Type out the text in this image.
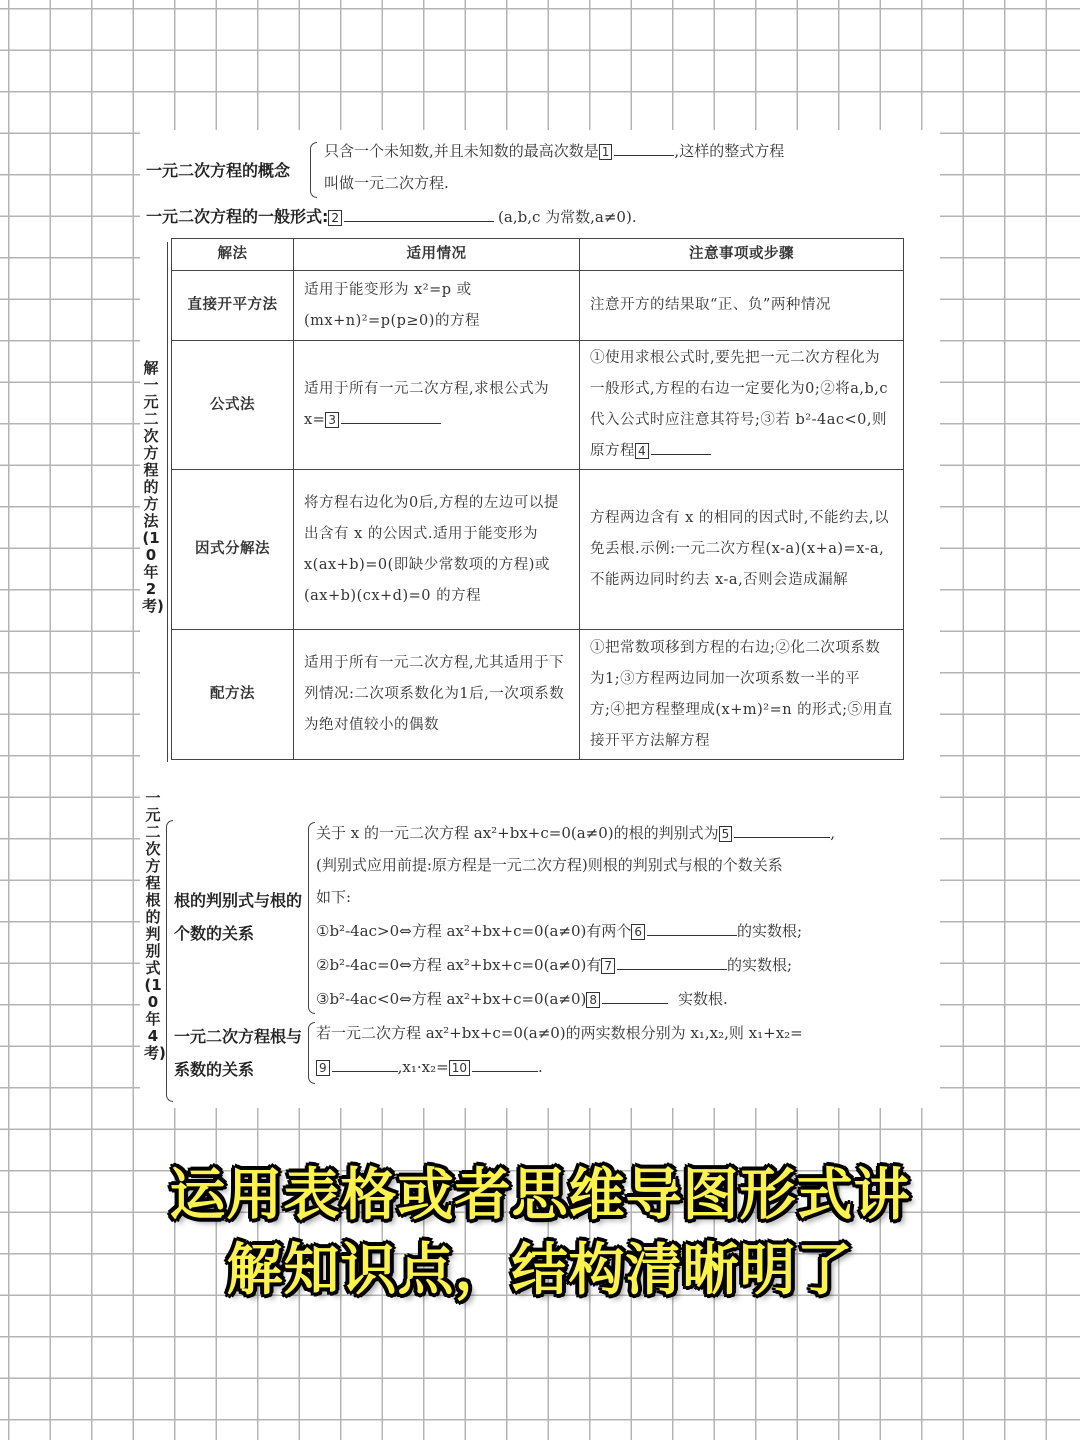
一元二次方程的概念
只含一个未知数,并且未知数的最高次数是 1	,这样的整式方程
叫做一元二次方程.
一元二次方程的一般形式: 2	(a,b,c 为常数,a≠0).
解一元二次方程的方法(10年2考)
解法	适用情况	注意事项或步骤
直接开平方法	适用于能变形为 x²=p 或(mx+n)²=p(p≥0)的方程	注意开方的结果取“正、负”两种情况
公式法	适用于所有一元二次方程,求根公式为 x= 3	①使用求根公式时,要先把一元二次方程化为一般形式,方程的右边一定要化为0;②将a,b,c代入公式时应注意其符号;③若 b²-4ac<0,则原方程 4
因式分解法	将方程右边化为0后,方程的左边可以提出含有 x 的公因式.适用于能变形为 x(ax+b)=0(即缺少常数项的方程)或(ax+b)(cx+d)=0 的方程	方程两边含有 x 的相同的因式时,不能约去,以免丢根.示例:一元二次方程(x-a)(x+a)=x-a,不能两边同时约去 x-a,否则会造成漏解
配方法	适用于所有一元二次方程,尤其适用于下列情况:二次项系数化为1后,一次项系数为绝对值较小的偶数	①把常数项移到方程的右边;②化二次项系数为1;③方程两边同加一次项系数一半的平方;④把方程整理成(x+m)²=n 的形式;⑤用直接开平方法解方程
一元二次方程根的判别式(10年4考)
根的判别式与根的个数的关系
关于 x 的一元二次方程 ax²+bx+c=0(a≠0)的根的判别式为 5	,
(判别式应用前提:原方程是一元二次方程)则根的判别式与根的个数关系
如下:
①b²-4ac>0⇔方程 ax²+bx+c=0(a≠0)有两个 6	的实数根;
②b²-4ac=0⇔方程 ax²+bx+c=0(a≠0)有 7	的实数根;
③b²-4ac<0⇔方程 ax²+bx+c=0(a≠0) 8	实数根.
一元二次方程根与系数的关系
若一元二次方程 ax²+bx+c=0(a≠0)的两实数根分别为 x₁,x₂,则 x₁+x₂=
9	,x₁·x₂= 10	.
运用表格或者思维导图形式讲
解知识点，结构清晰明了
